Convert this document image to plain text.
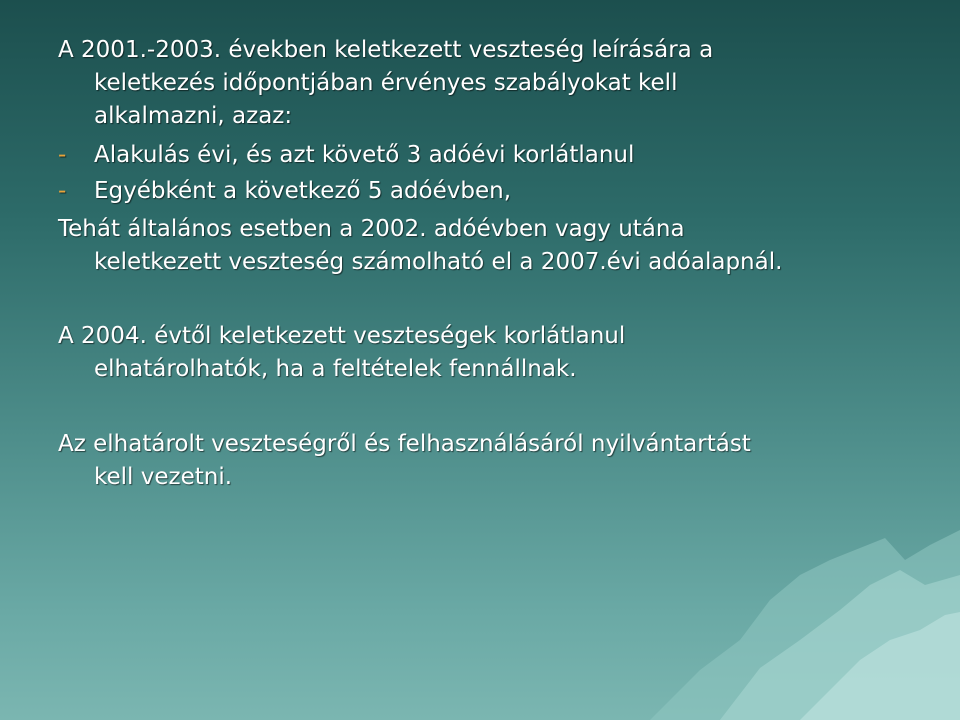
A 2001.-2003. években keletkezett veszteség leírására a
keletkezés időpontjában érvényes szabályokat kell
alkalmazni, azaz:
- Alakulás évi, és azt követő 3 adóévi korlátlanul
- Egyébként a következő 5 adóévben,
Tehát általános esetben a 2002. adóévben vagy utána
keletkezett veszteség számolható el a 2007.évi adóalapnál.
A 2004. évtől keletkezett veszteségek korlátlanul
elhatárolhatók, ha a feltételek fennállnak.
Az elhatárolt veszteségről és felhasználásáról nyilvántartást
kell vezetni.
